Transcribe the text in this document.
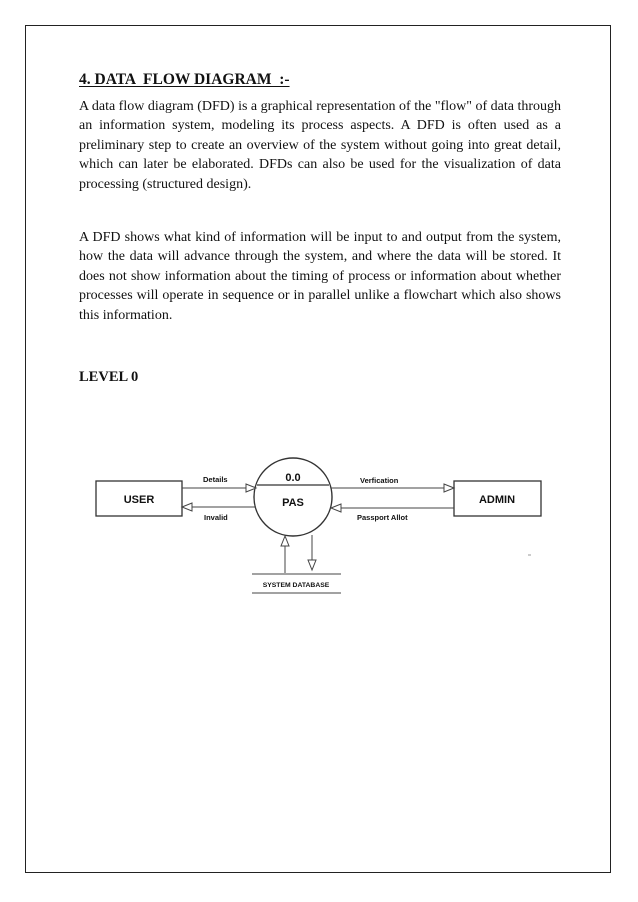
4. DATA  FLOW DIAGRAM  :-

A data flow diagram (DFD) is a graphical representation of the "flow" of data through an information system, modeling its process aspects. A DFD is often used as a preliminary step to create an overview of the system without going into great detail, which can later be elaborated. DFDs can also be used for the visualization of data processing (structured design).

A DFD shows what kind of information will be input to and output from the system, how the data will advance through the system, and where the data will be stored. It does not show information about the timing of process or information about whether processes will operate in sequence or in parallel unlike a flowchart which also shows this information.

LEVEL 0
USER	ADMIN
0.0
PAS
Details
Invalid
Verfication
Passport Allot
SYSTEM DATABASE
